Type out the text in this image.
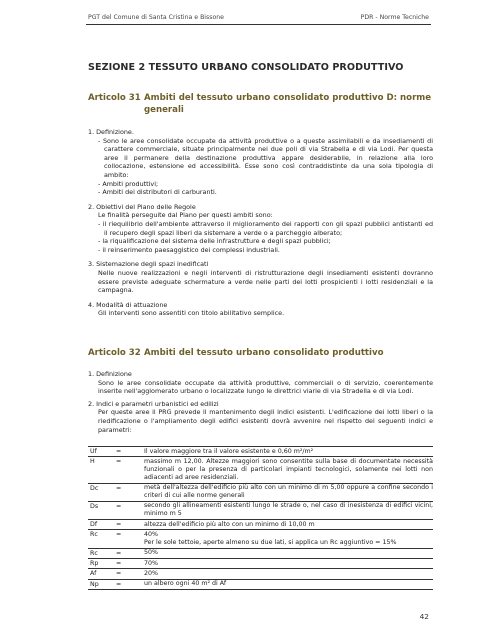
PGT del Comune di Santa Cristina e Bissone	PDR - Norme Tecniche
SEZIONE 2 TESSUTO URBANO CONSOLIDATO PRODUTTIVO
Articolo 31 Ambiti del tessuto urbano consolidato produttivo D: norme generali

1. Definizione.

- Sono le aree consolidate occupate da attività produttive o a queste assimilabili e da insediamenti di carattere commerciale, situate principalmente nei due poli di via Strabella e di via Lodi. Per questa aree il permanere della destinazione produttiva appare desiderabile, in relazione alla loro collocazione, estensione ed accessibilità. Esse sono così contraddistinte da una sola tipologia di ambito:

- Ambiti produttivi;

- Ambiti dei distributori di carburanti.

2. Obiettivi del Piano delle Regole

Le finalità perseguite dal Piano per questi ambiti sono:

- il riequilibrio dell'ambiente attraverso il miglioramento dei rapporti con gli spazi pubblici antistanti ed il recupero degli spazi liberi da sistemare a verde o a parcheggio alberato;

- la riqualificazione del sistema delle infrastrutture e degli spazi pubblici;

- il reinserimento paesaggistico dei complessi industriali.

3. Sistemazione degli spazi inedificati

Nelle nuove realizzazioni e negli interventi di ristrutturazione degli insediamenti esistenti dovranno essere previste adeguate schermature a verde nelle parti dei lotti prospicienti i lotti residenziali e la campagna.

4. Modalità di attuazione

Gli interventi sono assentiti con titolo abilitativo semplice.

Articolo 32 Ambiti del tessuto urbano consolidato produttivo

1. Definizione

Sono le aree consolidate occupate da attività produttive, commerciali o di servizio, coerentemente inserite nell'agglomerato urbano o localizzate lungo le direttrici viarie di via Stradella e di via Lodi.

2. Indici e parametri urbanistici ed edilizi

Per queste aree il PRG prevede il mantenimento degli indici esistenti. L'edificazione dei lotti liberi o la riedificazione o l'ampliamento degli edifici esistenti dovrà avvenire nel rispetto dei seguenti indici e parametri:

Uf	=	Il valore maggiore tra il valore esistente e 0,60 m²/m²
H	=	massimo m 12,00. Altezze maggiori sono consentite sulla base di documentate necessità funzionali o per la presenza di particolari impianti tecnologici, solamente nei lotti non adiacenti ad aree residenziali.
Dc	=	metà dell'altezza dell'edificio più alto con un minimo di m 5,00 oppure a confine secondo i criteri di cui alle norme generali
Ds	=	secondo gli allineamenti esistenti lungo le strade o, nel caso di inesistenza di edifici vicini, minimo m 5
Df	=	altezza dell'edificio più alto con un minimo di 10,00 m
Rc	=	40%
Per le sole tettoie, aperte almeno su due lati, si applica un Rc aggiuntivo = 15%
Rc	=	50%
Rp	=	70%
Af	=	20%
Np	=	un albero ogni 40 m² di Af
42
